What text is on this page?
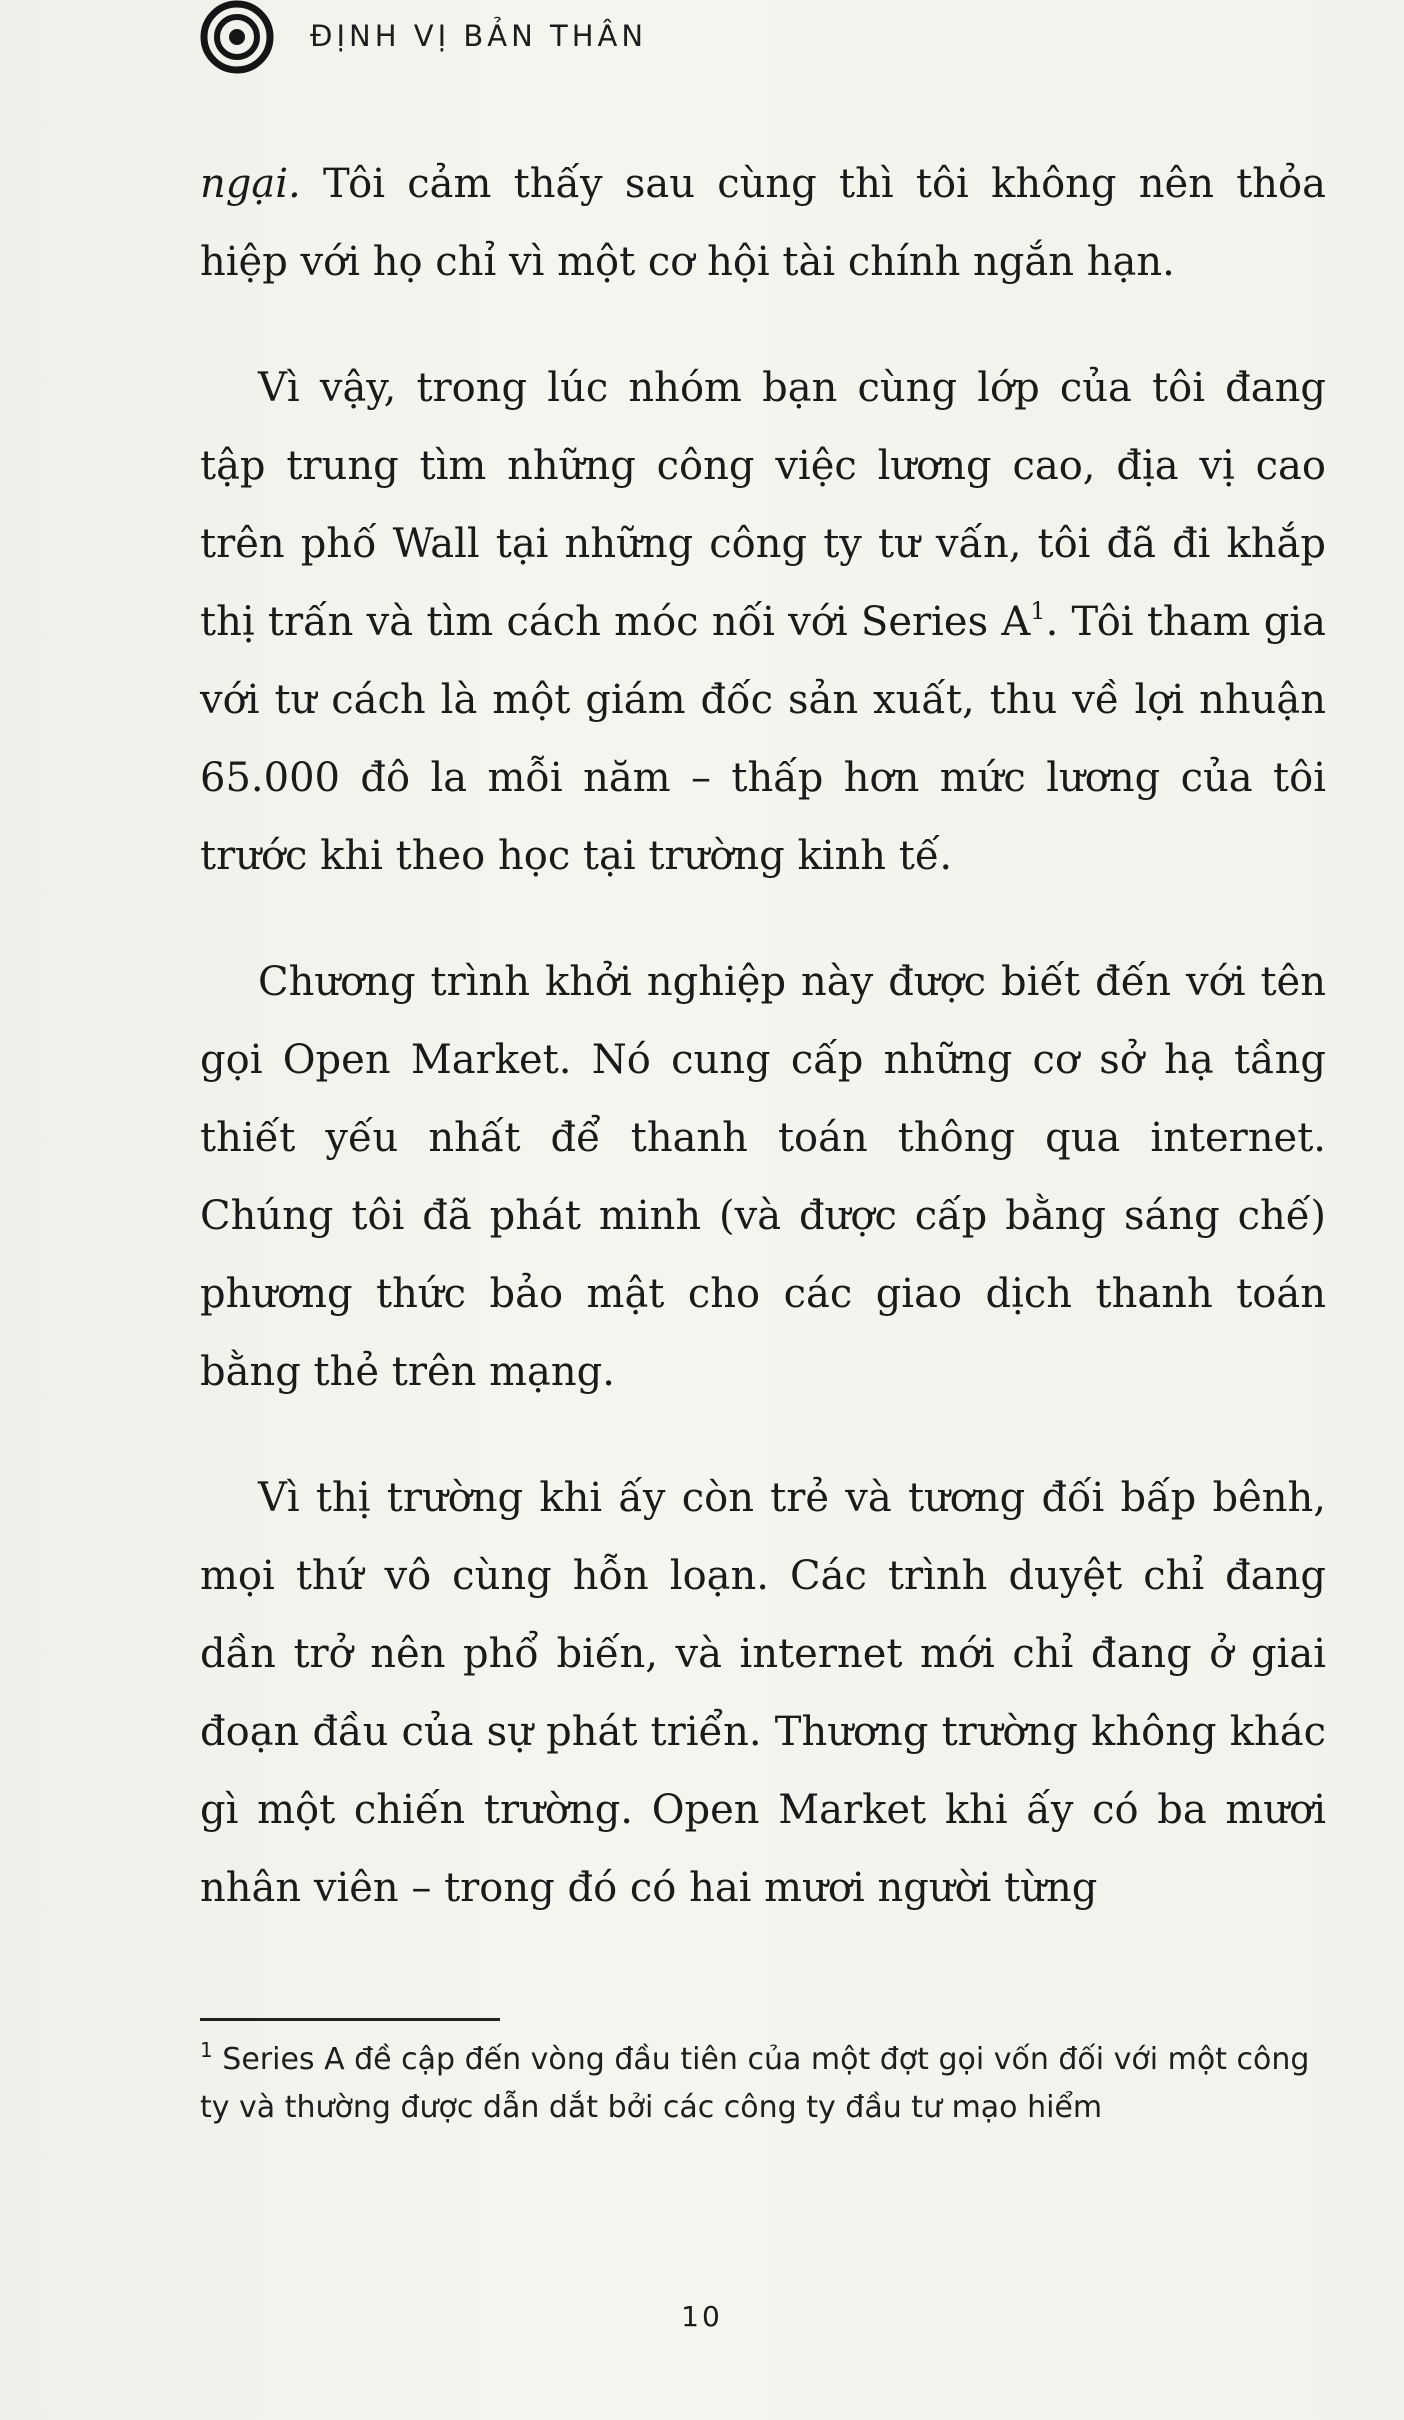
ĐỊNH VỊ BẢN THÂN

ngại. Tôi cảm thấy sau cùng thì tôi không nên thỏa hiệp với họ chỉ vì một cơ hội tài chính ngắn hạn.

Vì vậy, trong lúc nhóm bạn cùng lớp của tôi đang tập trung tìm những công việc lương cao, địa vị cao trên phố Wall tại những công ty tư vấn, tôi đã đi khắp thị trấn và tìm cách móc nối với Series $A^1$. Tôi tham gia với tư cách là một giám đốc sản xuất, thu về lợi nhuận 65.000 đô la mỗi năm – thấp hơn mức lương của tôi trước khi theo học tại trường kinh tế.

Chương trình khởi nghiệp này được biết đến với tên gọi Open Market. Nó cung cấp những cơ sở hạ tầng thiết yếu nhất để thanh toán thông qua internet. Chúng tôi đã phát minh (và được cấp bằng sáng chế) phương thức bảo mật cho các giao dịch thanh toán bằng thẻ trên mạng.

Vì thị trường khi ấy còn trẻ và tương đối bấp bênh, mọi thứ vô cùng hỗn loạn. Các trình duyệt chỉ đang dần trở nên phổ biến, và internet mới chỉ đang ở giai đoạn đầu của sự phát triển. Thương trường không khác gì một chiến trường. Open Market khi ấy có ba mươi nhân viên – trong đó có hai mươi người từng

$^1$ Series A đề cập đến vòng đầu tiên của một đợt gọi vốn đối với một công ty và thường được dẫn dắt bởi các công ty đầu tư mạo hiểm
10
